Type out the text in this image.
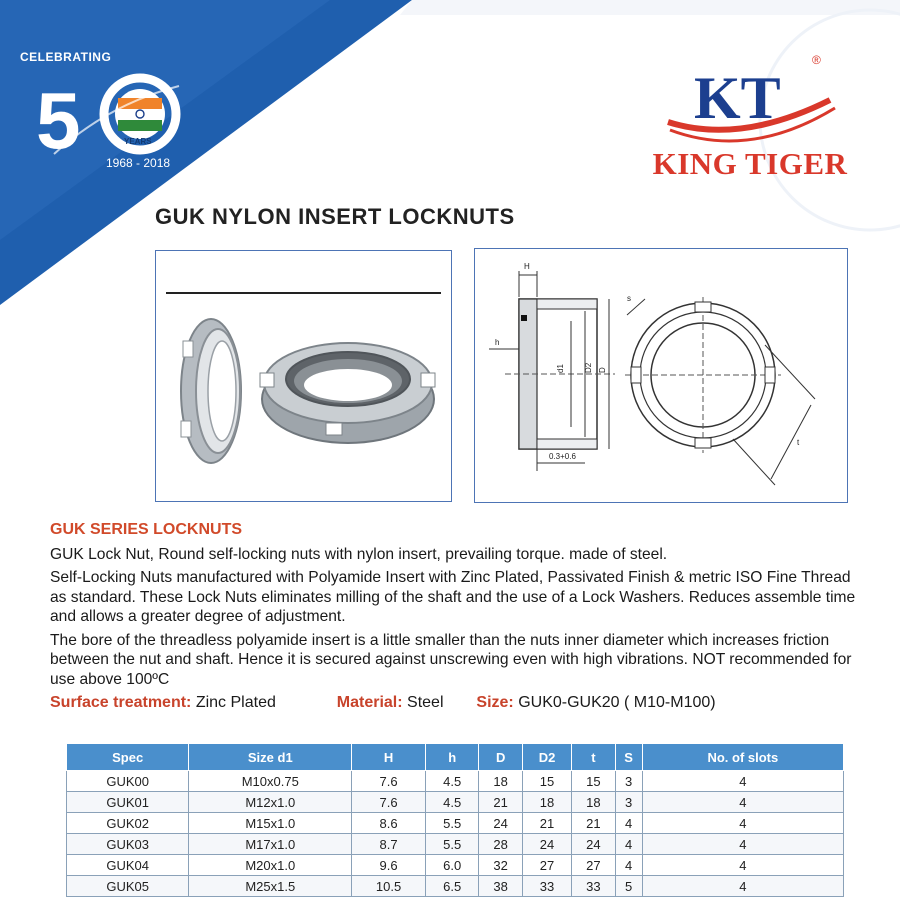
CELEBRATING
5	YEARS
1968 - 2018
KT
®
KING TIGER
GUK NYLON INSERT LOCKNUTS
H
h
d1 D2 D
0.3+0.6
s
t
GUK SERIES LOCKNUTS

GUK Lock Nut, Round self-locking nuts with nylon insert, prevailing torque. made of steel.

Self-Locking Nuts manufactured with Polyamide Insert with Zinc Plated, Passivated Finish & metric ISO Fine Thread as standard. These Lock Nuts eliminates milling of the shaft and the use of a Lock Washers. Reduces assemble time and allows a greater degree of adjustment.

The bore of the threadless polyamide insert is a little smaller than the nuts inner diameter which increases friction between the nut and shaft. Hence it is secured against unscrewing even with high vibrations. NOT recommended for use above 100ºC

Surface treatment: Zinc Plated	Material: Steel Size: GUK0-GUK20 ( M10-M100)
Spec	Size d1	H	h	D	D2	t	S	No. of slots
GUK00	M10x0.75	7.6	4.5	18	15	15	3	4
GUK01	M12x1.0	7.6	4.5	21	18	18	3	4
GUK02	M15x1.0	8.6	5.5	24	21	21	4	4
GUK03	M17x1.0	8.7	5.5	28	24	24	4	4
GUK04	M20x1.0	9.6	6.0	32	27	27	4	4
GUK05	M25x1.5	10.5	6.5	38	33	33	5	4
